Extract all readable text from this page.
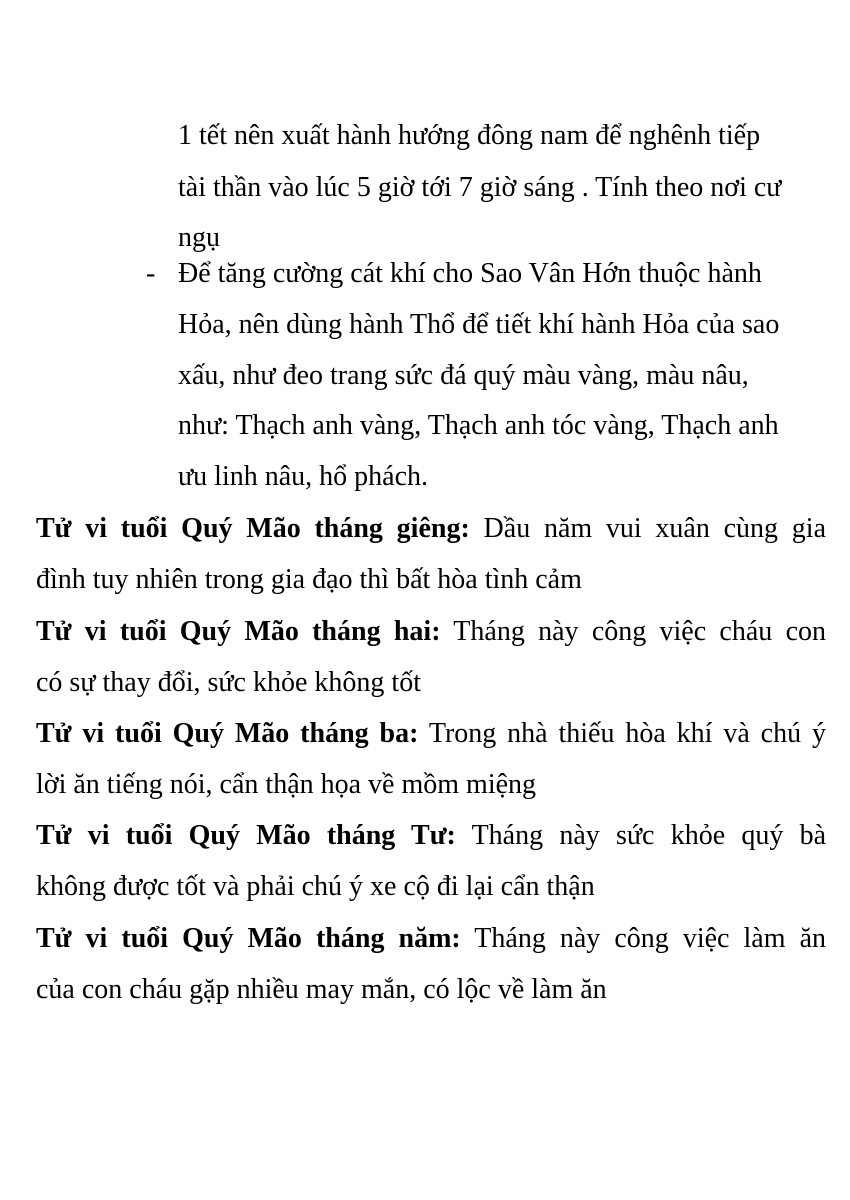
1 tết nên xuất hành hướng đông nam để nghênh tiếp
tài thần vào lúc 5 giờ tới 7 giờ sáng . Tính theo nơi cư
ngụ
- Để tăng cường cát khí cho Sao Vân Hớn thuộc hành
Hỏa, nên dùng hành Thổ để tiết khí hành Hỏa của sao
xấu, như đeo trang sức đá quý màu vàng, màu nâu,
như: Thạch anh vàng, Thạch anh tóc vàng, Thạch anh
ưu linh nâu, hổ phách.
Tử vi tuổi Quý Mão tháng giêng: Dầu năm vui xuân cùng gia
đình tuy nhiên trong gia đạo thì bất hòa tình cảm
Tử vi tuổi Quý Mão tháng hai: Tháng này công việc cháu con
có sự thay đổi, sức khỏe không tốt
Tử vi tuổi Quý Mão tháng ba: Trong nhà thiếu hòa khí và chú ý
lời ăn tiếng nói, cẩn thận họa về mồm miệng
Tử vi tuổi Quý Mão tháng Tư: Tháng này sức khỏe quý bà
không được tốt và phải chú ý xe cộ đi lại cẩn thận
Tử vi tuổi Quý Mão tháng năm: Tháng này công việc làm ăn
của con cháu gặp nhiều may mắn, có lộc về làm ăn
